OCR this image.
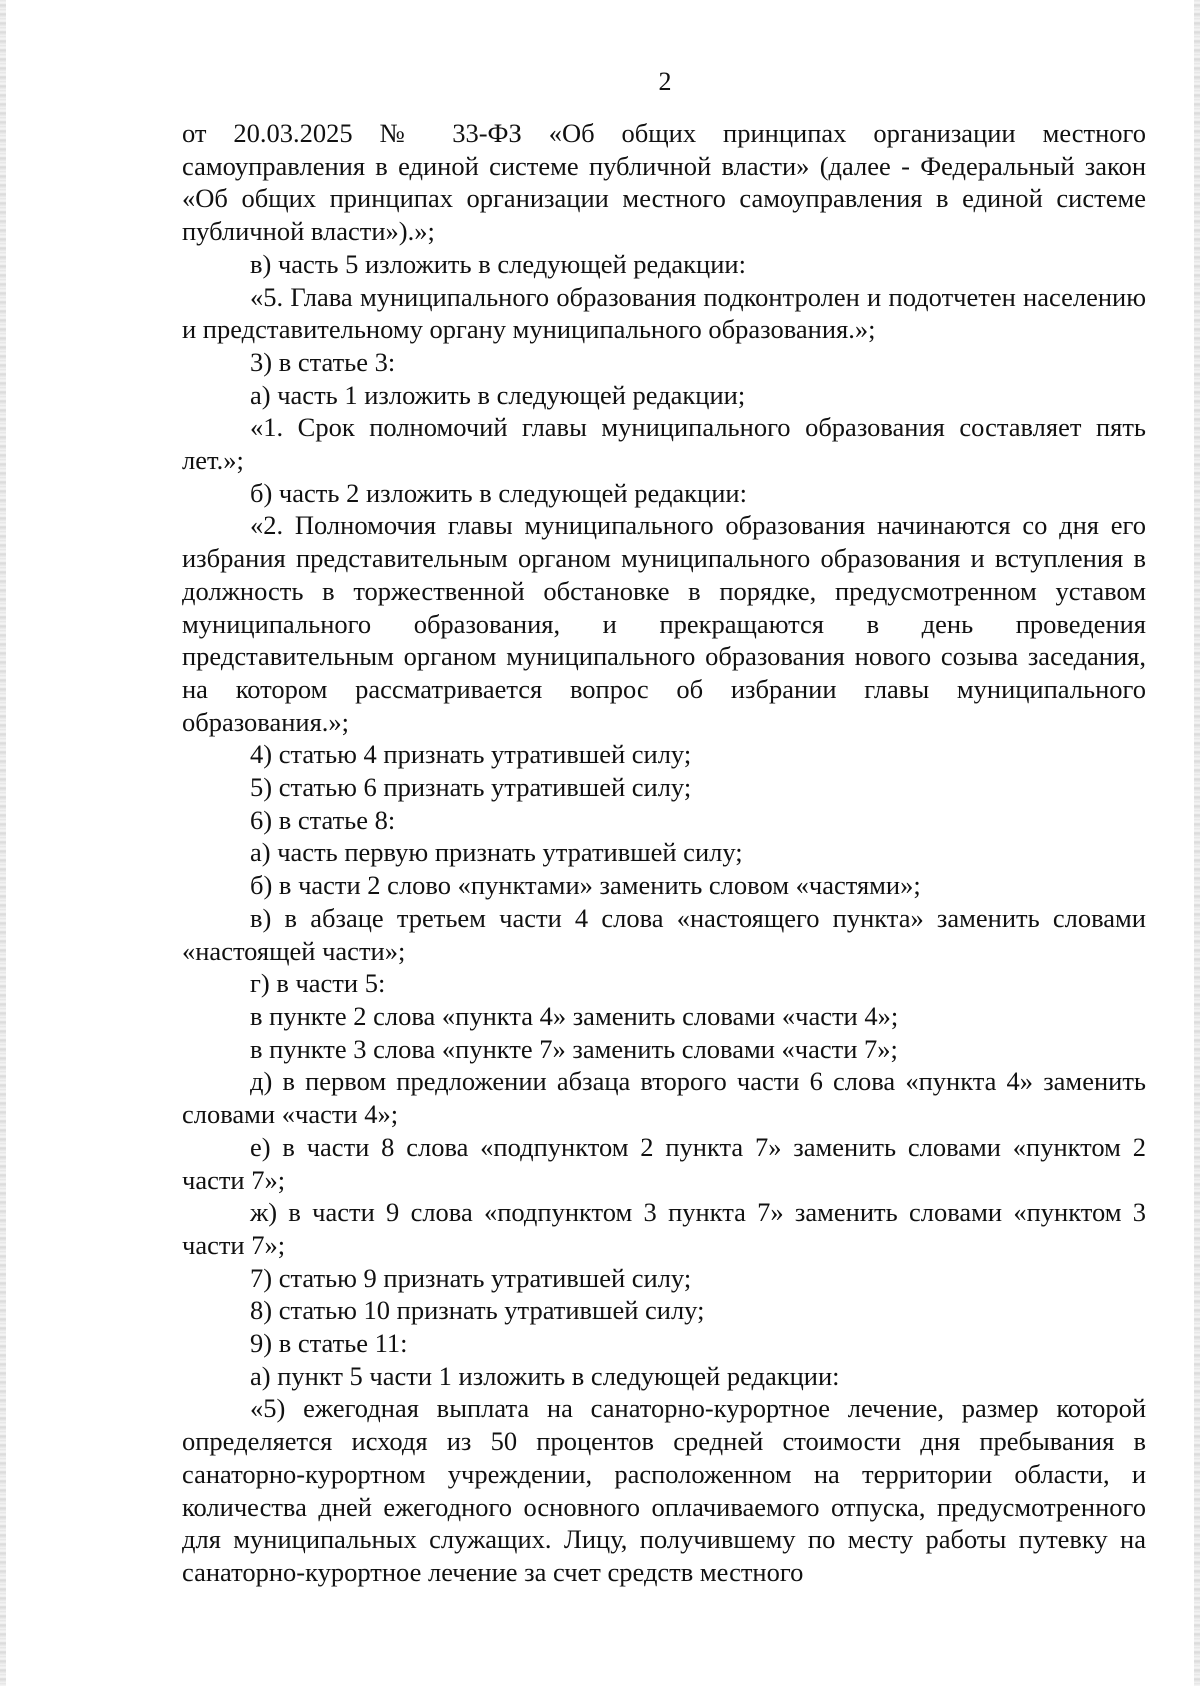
2

от 20.03.2025 № 33-ФЗ «Об общих принципах организации местного самоуправления в единой системе публичной власти» (далее - Федеральный закон «Об общих принципах организации местного самоуправления в единой системе публичной власти»).»;

в) часть 5 изложить в следующей редакции:

«5. Глава муниципального образования подконтролен и подотчетен населению и представительному органу муниципального образования.»;

3) в статье 3:

а) часть 1 изложить в следующей редакции;

«1. Срок полномочий главы муниципального образования составляет пять лет.»;

б) часть 2 изложить в следующей редакции:

«2. Полномочия главы муниципального образования начинаются со дня его избрания представительным органом муниципального образования и вступления в должность в торжественной обстановке в порядке, предусмотренном уставом муниципального образования, и прекращаются в день проведения представительным органом муниципального образования нового созыва заседания, на котором рассматривается вопрос об избрании главы муниципального образования.»;

4) статью 4 признать утратившей силу;

5) статью 6 признать утратившей силу;

6) в статье 8:

а) часть первую признать утратившей силу;

б) в части 2 слово «пунктами» заменить словом «частями»;

в) в абзаце третьем части 4 слова «настоящего пункта» заменить словами «настоящей части»;

г) в части 5:

в пункте 2 слова «пункта 4» заменить словами «части 4»;

в пункте 3 слова «пункте 7» заменить словами «части 7»;

д) в первом предложении абзаца второго части 6 слова «пункта 4» заменить словами «части 4»;

е) в части 8 слова «подпунктом 2 пункта 7» заменить словами «пунктом 2 части 7»;

ж) в части 9 слова «подпунктом 3 пункта 7» заменить словами «пунктом 3 части 7»;

7) статью 9 признать утратившей силу;

8) статью 10 признать утратившей силу;

9) в статье 11:

а) пункт 5 части 1 изложить в следующей редакции:

«5) ежегодная выплата на санаторно-курортное лечение, размер которой определяется исходя из 50 процентов средней стоимости дня пребывания в санаторно-курортном учреждении, расположенном на территории области, и количества дней ежегодного основного оплачиваемого отпуска, предусмотренного для муниципальных служащих. Лицу, получившему по месту работы путевку на санаторно-курортное лечение за счет средств местного
